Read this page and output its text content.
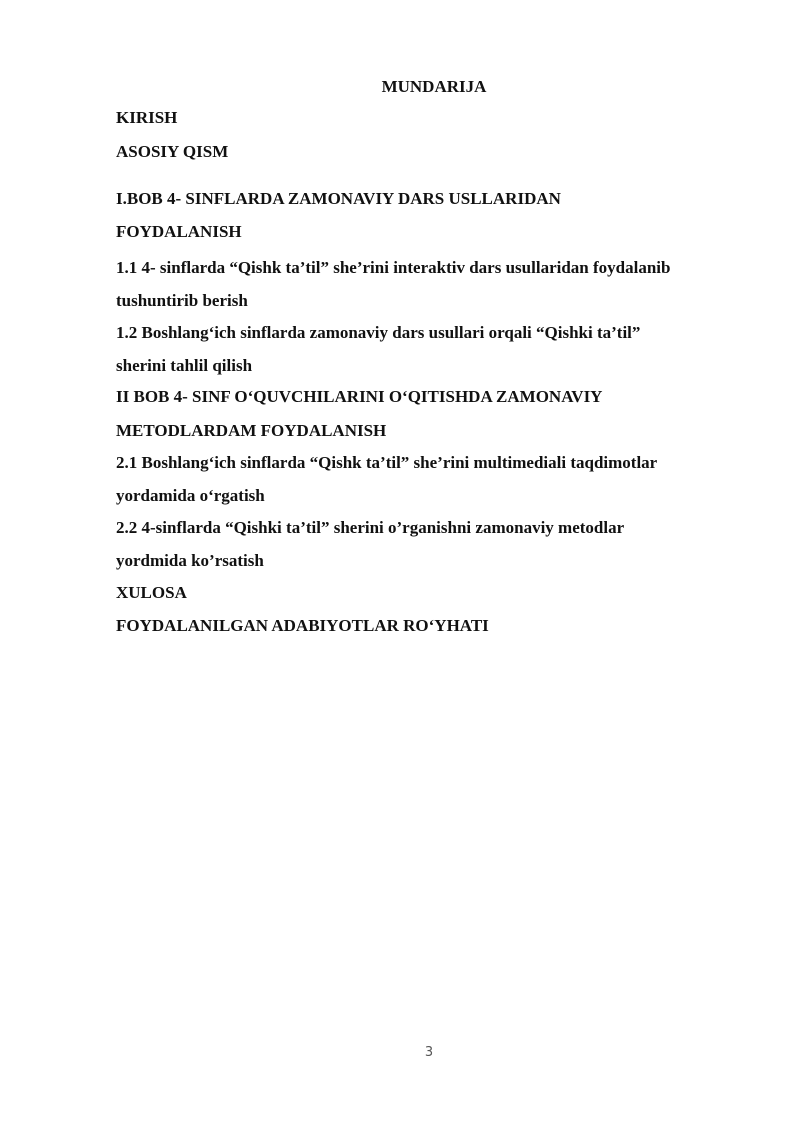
MUNDARIJA
KIRISH
ASOSIY QISM
I.BOB 4- SINFLARDA ZAMONAVIY DARS USLLARIDAN
FOYDALANISH
1.1 4- sinflarda “Qishk ta’til” she’rini interaktiv dars usullaridan foydalanib
tushuntirib berish
1.2 Boshlang‘ich sinflarda zamonaviy dars usullari orqali “Qishki ta’til”
sherini tahlil qilish
II BOB 4- SINF O‘QUVCHILARINI O‘QITISHDA ZAMONAVIY
METODLARDAM FOYDALANISH
2.1 Boshlang‘ich sinflarda “Qishk ta’til” she’rini multimediali taqdimotlar
yordamida o‘rgatish
2.2 4-sinflarda “Qishki ta’til” sherini o’rganishni zamonaviy metodlar
yordmida ko’rsatish
XULOSA
FOYDALANILGAN ADABIYOTLAR RO‘YHATI
3
